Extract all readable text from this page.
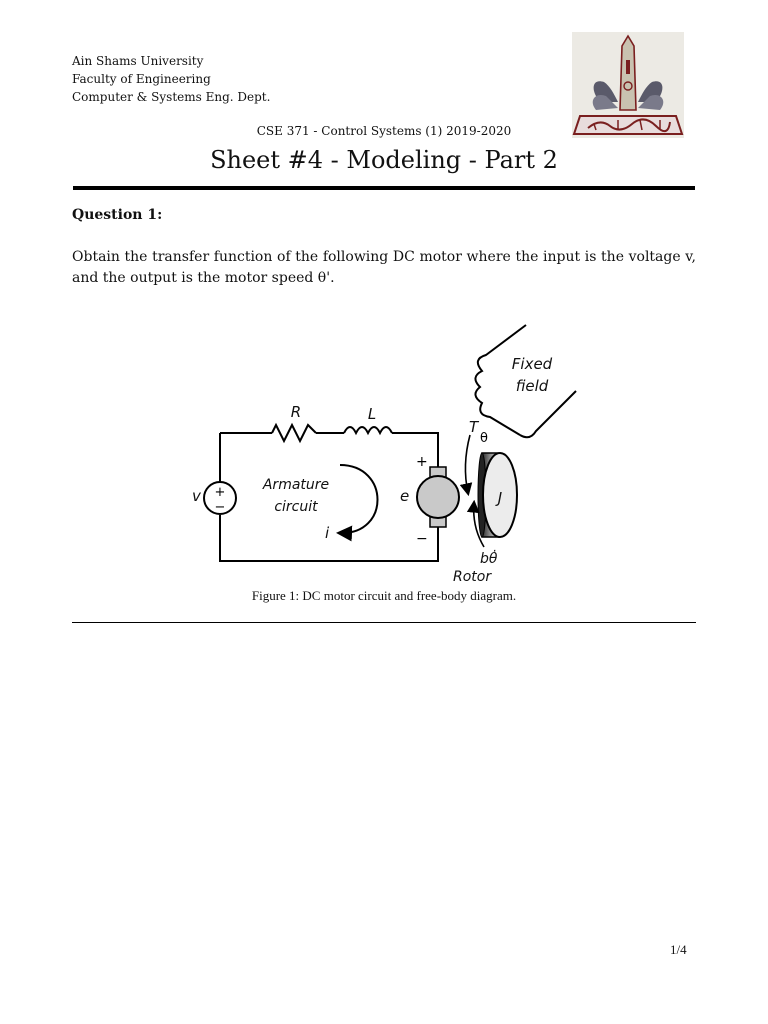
Ain Shams University
Faculty of Engineering
Computer & Systems Eng. Dept.
CSE 371 - Control Systems (1) 2019-2020
Sheet #4 - Modeling - Part 2
Question 1:
Obtain the transfer function of the following DC motor where the input is the voltage v, and the output is the motor speed θ'.
+
−
R	L
v
Armature
circuit
i
e
T
J
bθ̇
Rotor
Fixed
field
θ
+
−
Figure 1: DC motor circuit and free-body diagram.
1/4
